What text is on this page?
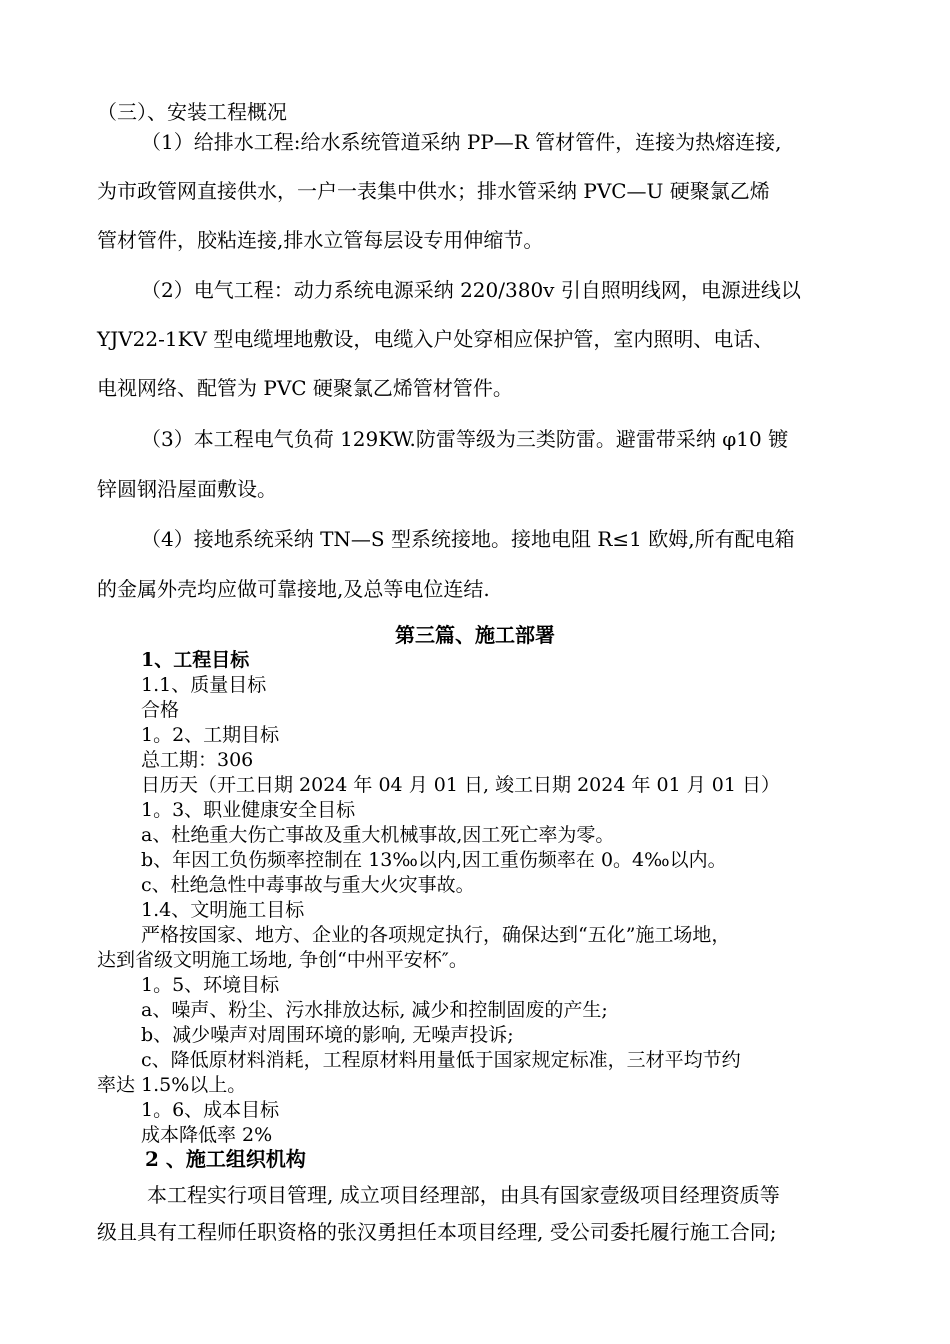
（三）、安装工程概况
（1）给排水工程:给水系统管道采纳 PP—R 管材管件，连接为热熔连接,
为市政管网直接供水，一户一表集中供水；排水管采纳 PVC—U 硬聚氯乙烯
管材管件，胶粘连接,排水立管每层设专用伸缩节。
（2）电气工程：动力系统电源采纳 220/380v 引自照明线网，电源进线以
YJV22-1KV 型电缆埋地敷设，电缆入户处穿相应保护管，室内照明、电话、
电视网络、配管为 PVC 硬聚氯乙烯管材管件。
（3）本工程电气负荷 129KW.防雷等级为三类防雷。避雷带采纳 φ10 镀
锌圆钢沿屋面敷设。
（4）接地系统采纳 TN—S 型系统接地。接地电阻 R≤1 欧姆,所有配电箱
的金属外壳均应做可靠接地,及总等电位连结.
第三篇、施工部署
1、工程目标
1.1、质量目标
合格
1。2、工期目标
总工期：306
日历天（开工日期 2024 年 04 月 01 日, 竣工日期 2024 年 01 月 01 日）
1。3、职业健康安全目标
a、杜绝重大伤亡事故及重大机械事故,因工死亡率为零。
b、年因工负伤频率控制在 13‰以内,因工重伤频率在 0。4‰以内。
c、杜绝急性中毒事故与重大火灾事故。
1.4、文明施工目标
严格按国家、地方、企业的各项规定执行，确保达到“五化”施工场地，
达到省级文明施工场地, 争创“中州平安杯″。
1。5、环境目标
a、噪声、粉尘、污水排放达标, 减少和控制固废的产生;
b、减少噪声对周围环境的影响, 无噪声投诉;
c、降低原材料消耗，工程原材料用量低于国家规定标准，三材平均节约
率达 1.5%以上。
1。6、成本目标
成本降低率 2%
2 、施工组织机构
本工程实行项目管理, 成立项目经理部，由具有国家壹级项目经理资质等
级且具有工程师任职资格的张汉勇担任本项目经理, 受公司委托履行施工合同;
